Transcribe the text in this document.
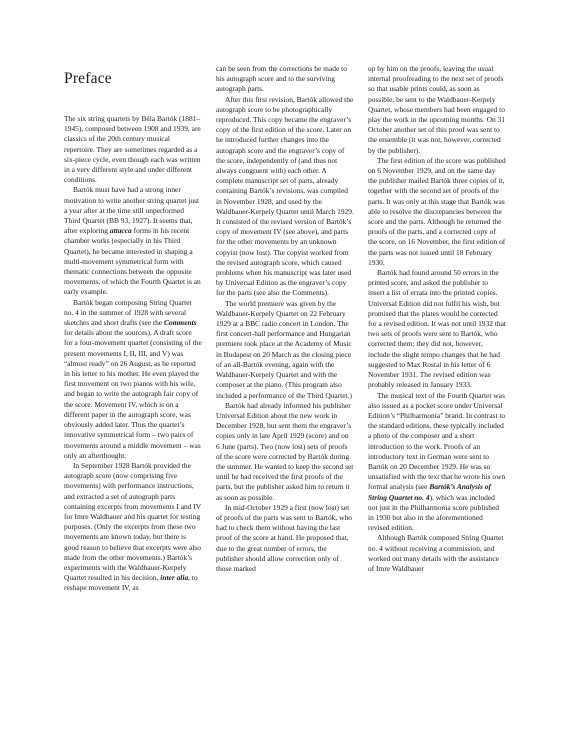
Preface

The six string quartets by Béla Bartók (1881–1945), composed between 1908 and 1939, are classics of the 20th century musical repertoire. They are sometimes regarded as a six-piece cycle, even though each was written in a very different style and under different conditions.

Bartók must have had a strong inner motivation to write another string quartet just a year after at the time still unperformed Third Quartet (BB 93, 1927). It seems that, after exploring attacca forms in his recent chamber works (especially in his Third Quartet), he became interested in shaping a multi-movement symmetrical form with thematic connections between the opposite movements, of which the Fourth Quartet is an early example.

Bartók began composing String Quartet no. 4 in the summer of 1928 with several sketches and short drafts (see the Comments for details about the sources). A draft score for a four-movement quartet (consisting of the present movements I, II, III, and V) was “almost ready” on 26 August, as he reported in his letter to his mother. He even played the first movement on two pianos with his wife, and began to write the autograph fair copy of the score. Movement IV, which is on a different paper in the autograph score, was obviously added later. Thus the quartet’s innovative symmetrical form – two pairs of movements around a middle movement – was only an afterthought.

In September 1928 Bartók provided the autograph score (now comprising five movements) with performance instructions, and extracted a set of autograph parts containing excerpts from movements I and IV for Imre Waldbauer and his quartet for testing purposes. (Only the excerpts from these two movements are known today, but there is good reason to believe that excerpts were also made from the other movements.) Bartók’s experiments with the Waldbauer-Kerpely Quartet resulted in his decision, inter alia, to reshape movement IV, as

can be seen from the corrections he made to his autograph score and to the surviving autograph parts.

After this first revision, Bartók allowed the autograph score to be photographically reproduced. This copy became the engraver’s copy of the first edition of the score. Later on he introduced further changes into the autograph score and the engraver’s copy of the score, independently of (and thus not always congruent with) each other. A complete manuscript set of parts, already containing Bartók’s revisions, was compiled in November 1928, and used by the Waldbauer-Kerpely Quartet until March 1929. It consisted of the revised version of Bartók’s copy of movement IV (see above), and parts for the other movements by an unknown copyist (now lost). The copyist worked from the revised autograph score, which caused problems when his manuscript was later used by Universal Edition as the engraver’s copy for the parts (see also the Comments).

The world premiere was given by the Waldbauer-Kerpely Quartet on 22 February 1929 at a BBC radio concert in London. The first concert-hall performance and Hungarian premiere took place at the Academy of Music in Budapest on 20 March as the closing piece of an all-Bartók evening, again with the Waldbauer-Kerpely Quartet and with the composer at the piano. (This program also included a performance of the Third Quartet.)

Bartók had already informed his publisher Universal Edition about the new work in December 1928, but sent them the engraver’s copies only in late April 1929 (score) and on 6 June (parts). Two (now lost) sets of proofs of the score were corrected by Bartók during the summer. He wanted to keep the second set until he had received the first proofs of the parts, but the publisher asked him to return it as soon as possible.

In mid-October 1929 a first (now lost) set of proofs of the parts was sent to Bartók, who had to check them without having the last proof of the score at hand. He proposed that, due to the great number of errors, the publisher should allow correction only of those marked

up by him on the proofs, leaving the usual internal proofreading to the next set of proofs so that usable prints could, as soon as possible, be sent to the Waldbauer-Kerpely Quartet, whose members had been engaged to play the work in the upcoming months. On 31 October another set of this proof was sent to the ensemble (it was not, however, corrected by the publisher).

The first edition of the score was published on 6 November 1929, and on the same day the publisher mailed Bartók three copies of it, together with the second set of proofs of the parts. It was only at this stage that Bartók was able to resolve the discrepancies between the score and the parts. Although he returned the proofs of the parts, and a corrected copy of the score, on 16 November, the first edition of the parts was not issued until 18 February 1930.

Bartók had found around 50 errors in the printed score, and asked the publisher to insert a list of errata into the printed copies. Universal Edition did not fulfil his wish, but promised that the plates would be corrected for a revised edition. It was not until 1932 that two sets of proofs were sent to Bartók, who corrected them; they did not, however, include the slight tempo changes that he had suggested to Max Rostal in his letter of 6 November 1931. The revised edition was probably released in January 1933.

The musical text of the Fourth Quartet was also issued as a pocket score under Universal Edition’s “Philharmonia” brand. In contrast to the standard editions, these typically included a photo of the composer and a short introduction to the work. Proofs of an introductory text in German were sent to Bartók on 20 December 1929. He was so unsatisfied with the text that he wrote his own formal analysis (see Bartók’s Analysis of String Quartet no. 4), which was included not just in the Philharmonia score published in 1930 but also in the aforementioned revised edition.

Although Bartók composed String Quartet no. 4 without receiving a commission, and worked out many details with the assistance of Imre Waldbauer
